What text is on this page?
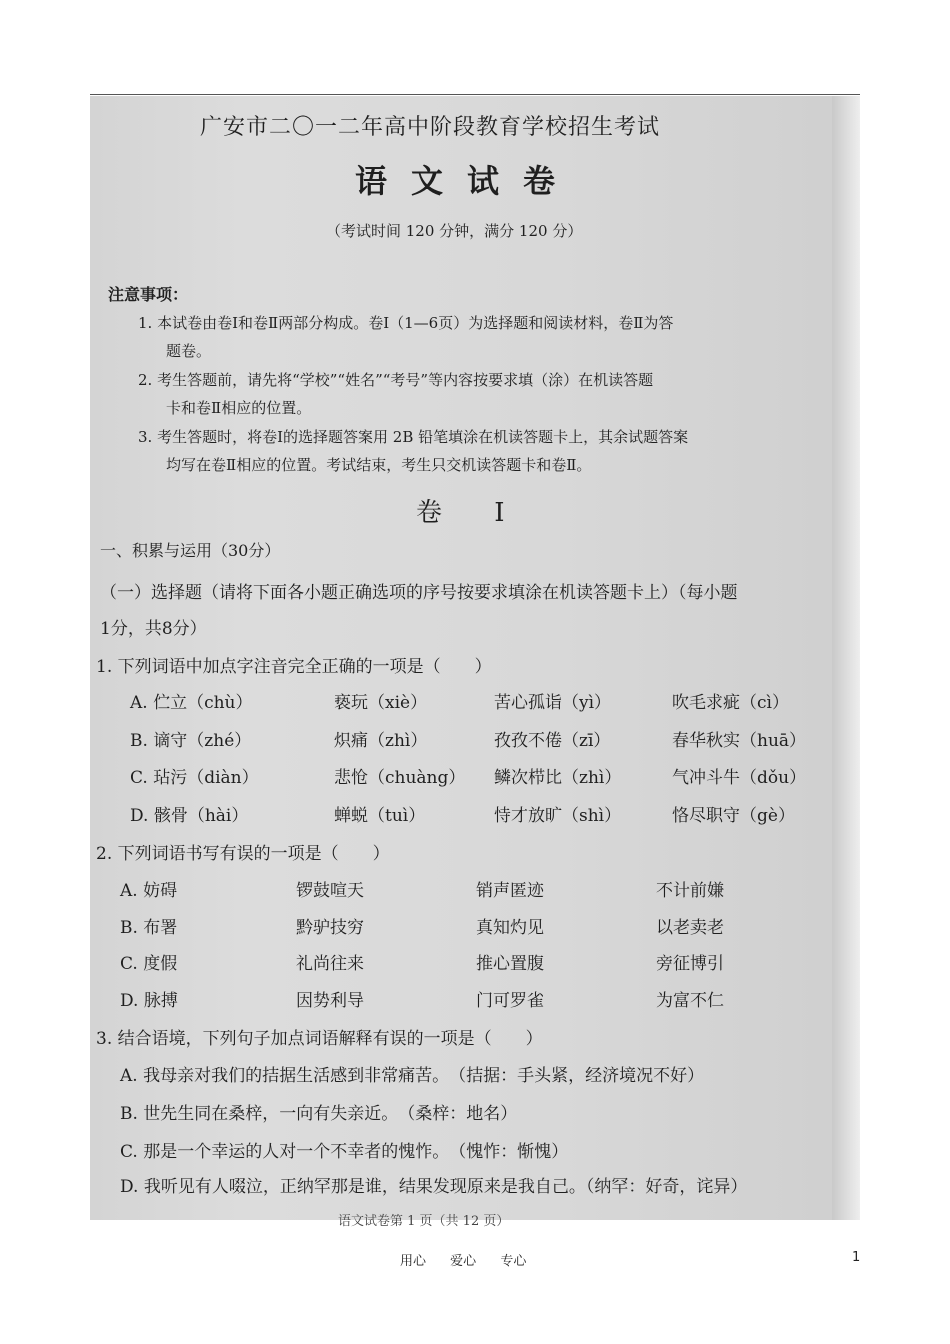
广安市二〇一二年高中阶段教育学校招生考试
语文试卷
（考试时间 120 分钟，满分 120 分）
注意事项：
1. 本试卷由卷Ⅰ和卷Ⅱ两部分构成。卷Ⅰ（1—6页）为选择题和阅读材料，卷Ⅱ为答
题卷。
2. 考生答题前，请先将“学校”“姓名”“考号”等内容按要求填（涂）在机读答题
卡和卷Ⅱ相应的位置。
3. 考生答题时，将卷Ⅰ的选择题答案用 2B 铅笔填涂在机读答题卡上，其余试题答案
均写在卷Ⅱ相应的位置。考试结束，考生只交机读答题卡和卷Ⅱ。
卷 Ⅰ
一、积累与运用（30分）
（一）选择题（请将下面各小题正确选项的序号按要求填涂在机读答题卡上）（每小题
1分，共8分）
1. 下列词语中加点字注音完全正确的一项是（　　）
A. 伫立（chù）	亵玩（xiè）	苦心孤诣（yì）	吹毛求疵（cì）
B. 谪守（zhé）	炽痛（zhì）	孜孜不倦（zī）	春华秋实（huā）
C. 玷污（diàn）	悲怆（chuàng） 鳞次栉比（zhì）	气冲斗牛（dǒu）
D. 骸骨（hài）	蝉蜕（tuì）	恃才放旷（shì）	恪尽职守（gè）
2. 下列词语书写有误的一项是（　　）
A. 妨碍	锣鼓喧天	销声匿迹	不计前嫌
B. 布署	黔驴技穷	真知灼见	以老卖老
C. 度假	礼尚往来	推心置腹	旁征博引
D. 脉搏	因势利导	门可罗雀	为富不仁
3. 结合语境，下列句子加点词语解释有误的一项是（　　）
A. 我母亲对我们的拮据生活感到非常痛苦。　（拮据：手头紧，经济境况不好）
B. 世先生同在桑梓，一向有失亲近。　（桑梓：地名）
C. 那是一个幸运的人对一个不幸者的愧怍。　（愧怍：惭愧）
D. 我听见有人啜泣，正纳罕那是谁，结果发现原来是我自己。（纳罕：好奇，诧异）
语文试卷第 1 页（共 12 页）
用心 爱心 专心	1
